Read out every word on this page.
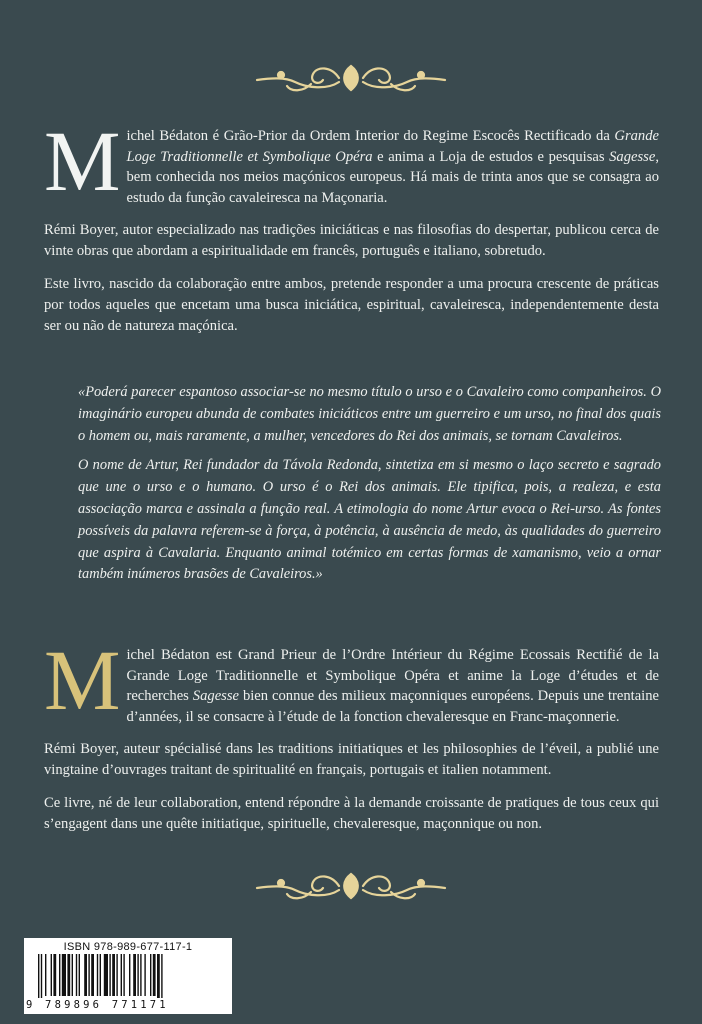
Michel Bédaton é Grão-Prior da Ordem Interior do Regime Escocês Rectificado da Grande Loge Traditionnelle et Symbolique Opéra e anima a Loja de estudos e pesquisas Sagesse, bem conhecida nos meios maçónicos europeus. Há mais de trinta anos que se consagra ao estudo da função cavaleiresca na Maçonaria.

Rémi Boyer, autor especializado nas tradições iniciáticas e nas filosofias do despertar, publicou cerca de vinte obras que abordam a espiritualidade em francês, português e italiano, sobretudo.

Este livro, nascido da colaboração entre ambos, pretende responder a uma procura crescente de práticas por todos aqueles que encetam uma busca iniciática, espiritual, cavaleiresca, independentemente desta ser ou não de natureza maçónica.

«Poderá parecer espantoso associar-se no mesmo título o urso e o Cavaleiro como companheiros. O imaginário europeu abunda de combates iniciáticos entre um guerreiro e um urso, no final dos quais o homem ou, mais raramente, a mulher, vencedores do Rei dos animais, se tornam Cavaleiros.

O nome de Artur, Rei fundador da Távola Redonda, sintetiza em si mesmo o laço secreto e sagrado que une o urso e o humano. O urso é o Rei dos animais. Ele tipifica, pois, a realeza, e esta associação marca e assinala a função real. A etimologia do nome Artur evoca o Rei-urso. As fontes possíveis da palavra referem-se à força, à potência, à ausência de medo, às qualidades do guerreiro que aspira à Cavalaria. Enquanto animal totémico em certas formas de xamanismo, veio a ornar também inúmeros brasões de Cavaleiros.»

Michel Bédaton est Grand Prieur de l’Ordre Intérieur du Régime Ecossais Rectifié de la Grande Loge Traditionnelle et Symbolique Opéra et anime la Loge d’études et de recherches Sagesse bien connue des milieux maçonniques européens. Depuis une trentaine d’années, il se consacre à l’étude de la fonction chevaleresque en Franc-maçonnerie.

Rémi Boyer, auteur spécialisé dans les traditions initiatiques et les philosophies de l’éveil, a publié une vingtaine d’ouvrages traitant de spiritualité en français, portugais et italien notamment.

Ce livre, né de leur collaboration, entend répondre à la demande croissante de pratiques de tous ceux qui s’engagent dans une quête initiatique, spirituelle, chevaleresque, maçonnique ou non.

ISBN 978-989-677-117-1
9 789896 771171
